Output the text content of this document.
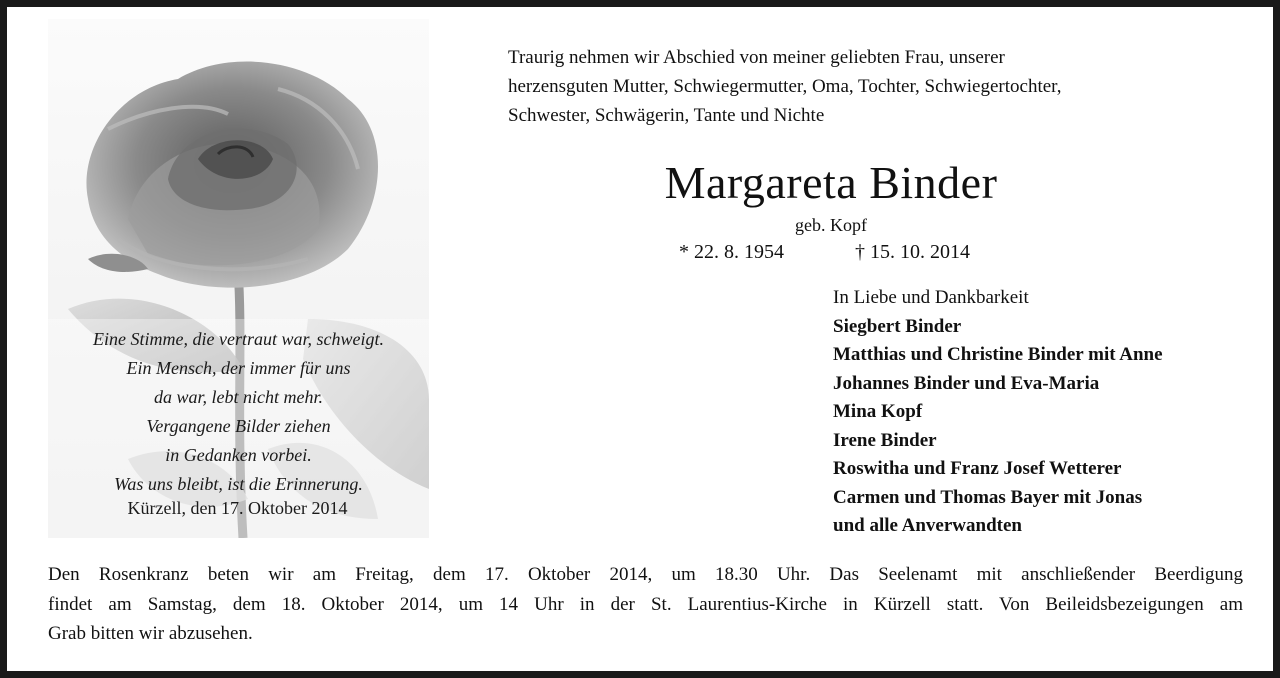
Eine Stimme, die vertraut war, schweigt.
Ein Mensch, der immer für uns
da war, lebt nicht mehr.
Vergangene Bilder ziehen
in Gedanken vorbei.
Was uns bleibt, ist die Erinnerung.
Kürzell, den 17. Oktober 2014
Traurig nehmen wir Abschied von meiner geliebten Frau, unserer
herzensguten Mutter, Schwiegermutter, Oma, Tochter, Schwiegertochter,
Schwester, Schwägerin, Tante und Nichte
Margareta Binder
geb. Kopf
* 22. 8. 1954	† 15. 10. 2014
In Liebe und Dankbarkeit
Siegbert Binder
Matthias und Christine Binder mit Anne
Johannes Binder und Eva-Maria
Mina Kopf
Irene Binder
Roswitha und Franz Josef Wetterer
Carmen und Thomas Bayer mit Jonas
und alle Anverwandten
Den Rosenkranz beten wir am Freitag, dem 17. Oktober 2014, um 18.30 Uhr. Das Seelenamt mit anschließender Beerdigung
findet am Samstag, dem 18. Oktober 2014, um 14 Uhr in der St. Laurentius-Kirche in Kürzell statt. Von Beileidsbezeigungen am
Grab bitten wir abzusehen.
